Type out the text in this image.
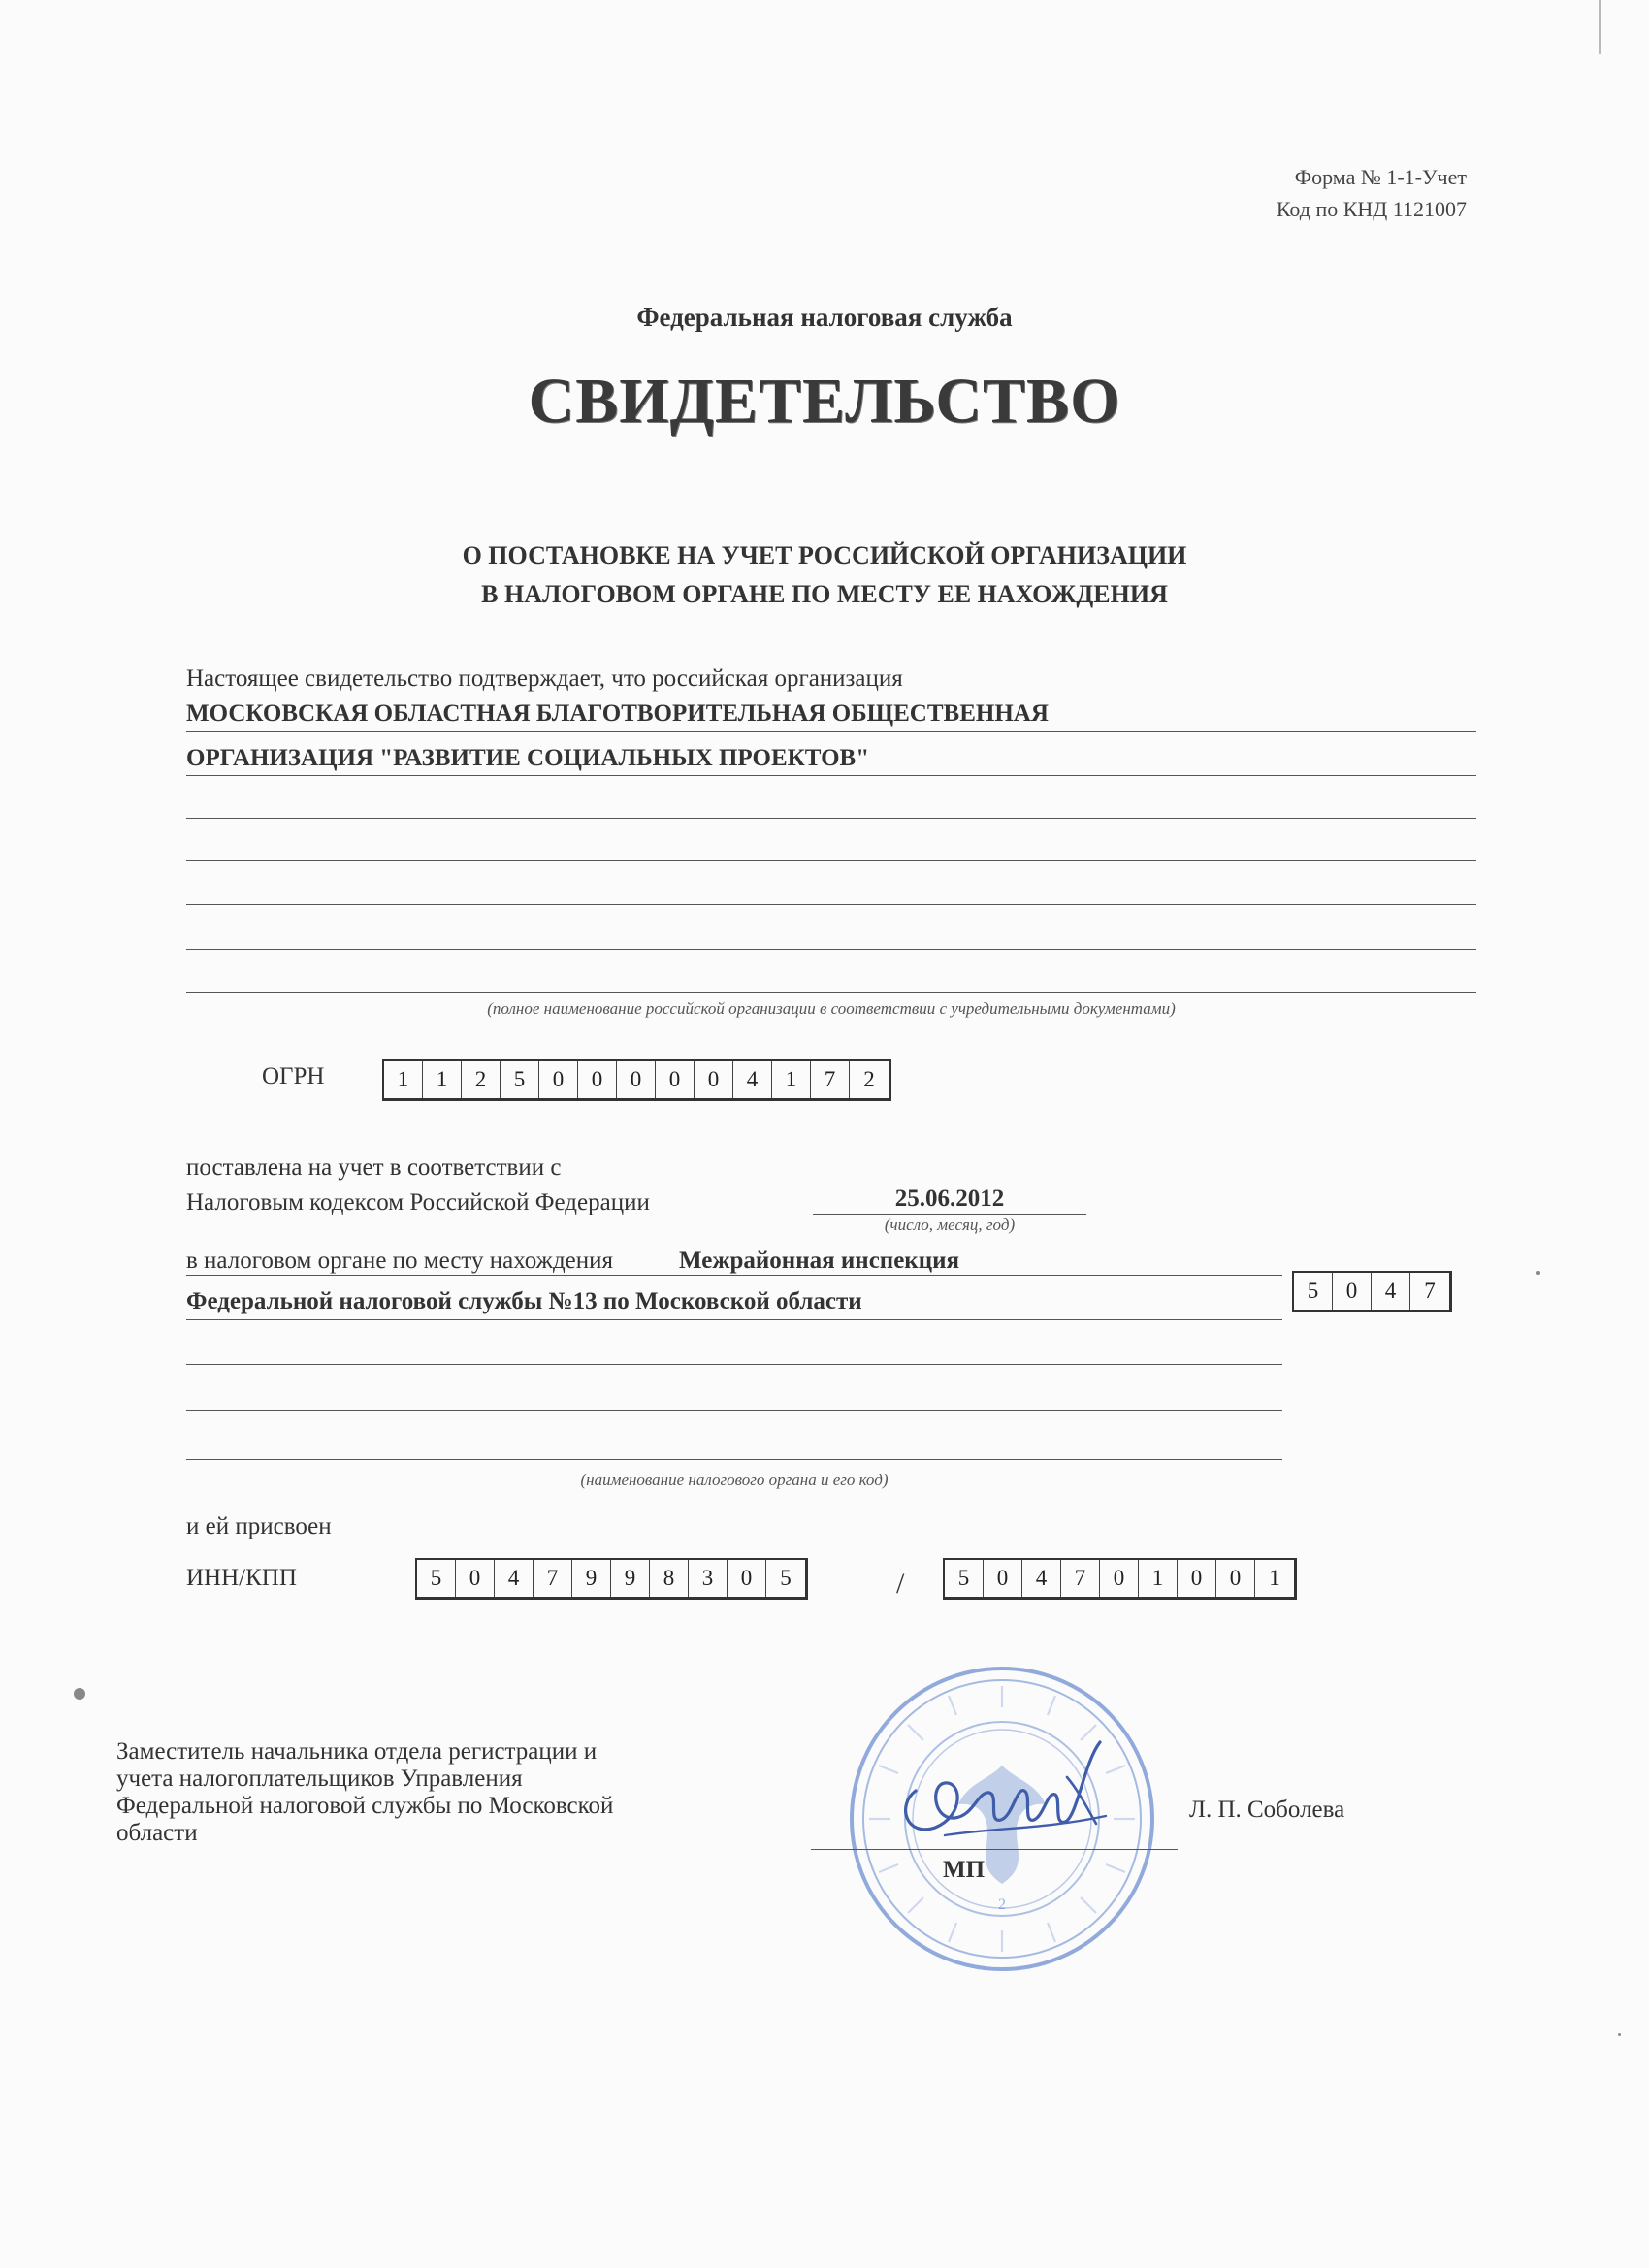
Форма № 1-1-Учет
Код по КНД 1121007
Федеральная налоговая служба
СВИДЕТЕЛЬСТВО
О ПОСТАНОВКЕ НА УЧЕТ РОССИЙСКОЙ ОРГАНИЗАЦИИ
В НАЛОГОВОМ ОРГАНЕ ПО МЕСТУ ЕЕ НАХОЖДЕНИЯ
Настоящее свидетельство подтверждает, что российская организация
МОСКОВСКАЯ ОБЛАСТНАЯ БЛАГОТВОРИТЕЛЬНАЯ ОБЩЕСТВЕННАЯ
ОРГАНИЗАЦИЯ "РАЗВИТИЕ СОЦИАЛЬНЫХ ПРОЕКТОВ"
(полное наименование российской организации в соответствии с учредительными документами)
ОГРН	1	1	2	5	0	0	0	0	0	4	1	7	2
поставлена на учет в соответствии с
Налоговым кодексом Российской Федерации	25.06.2012
(число, месяц, год)
в налоговом органе по месту нахождения	Межрайонная инспекция
Федеральной налоговой службы №13 по Московской области	5	0	4	7
(наименование налогового органа и его код)
и ей присвоен
ИНН/КПП	5	0	4	7	9	9	8	3	0	5	/	5	0	4	7	0	1	0	0	1
Заместитель начальника отдела регистрации и
учета налогоплательщиков Управления
Федеральной налоговой службы по Московской
области
2
МП
Л. П. Соболева
